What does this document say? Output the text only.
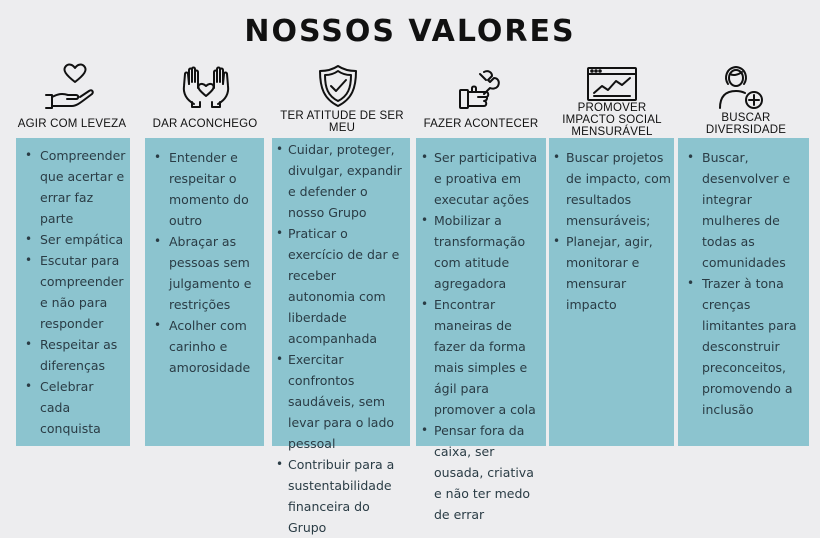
NOSSOS VALORES
AGIR COM LEVEZA
• Compreender que acertar e errar faz parte
• Ser empática
• Escutar para compreender e não para responder
• Respeitar as diferenças
• Celebrar cada conquista
DAR ACONCHEGO
• Entender e respeitar o momento do outro
• Abraçar as pessoas sem julgamento e restrições
• Acolher com carinho e amorosidade
TER ATITUDE DE SER MEU
• Cuidar, proteger, divulgar, expandir e defender o nosso Grupo
• Praticar o exercício de dar e receber autonomia com liberdade acompanhada
• Exercitar confrontos saudáveis, sem levar para o lado pessoal
• Contribuir para a sustentabilidade financeira do Grupo
FAZER ACONTECER
• Ser participativa e proativa em executar ações
• Mobilizar a transformação com atitude agregadora
• Encontrar maneiras de fazer da forma mais simples e ágil para promover a cola
• Pensar fora da caixa, ser ousada, criativa e não ter medo de errar
PROMOVER IMPACTO SOCIAL MENSURÁVEL
• Buscar projetos de impacto, com resultados mensuráveis;
• Planejar, agir, monitorar e mensurar impacto
BUSCAR DIVERSIDADE
• Buscar, desenvolver e integrar mulheres de todas as comunidades
• Trazer à tona crenças limitantes para desconstruir preconceitos, promovendo a inclusão
